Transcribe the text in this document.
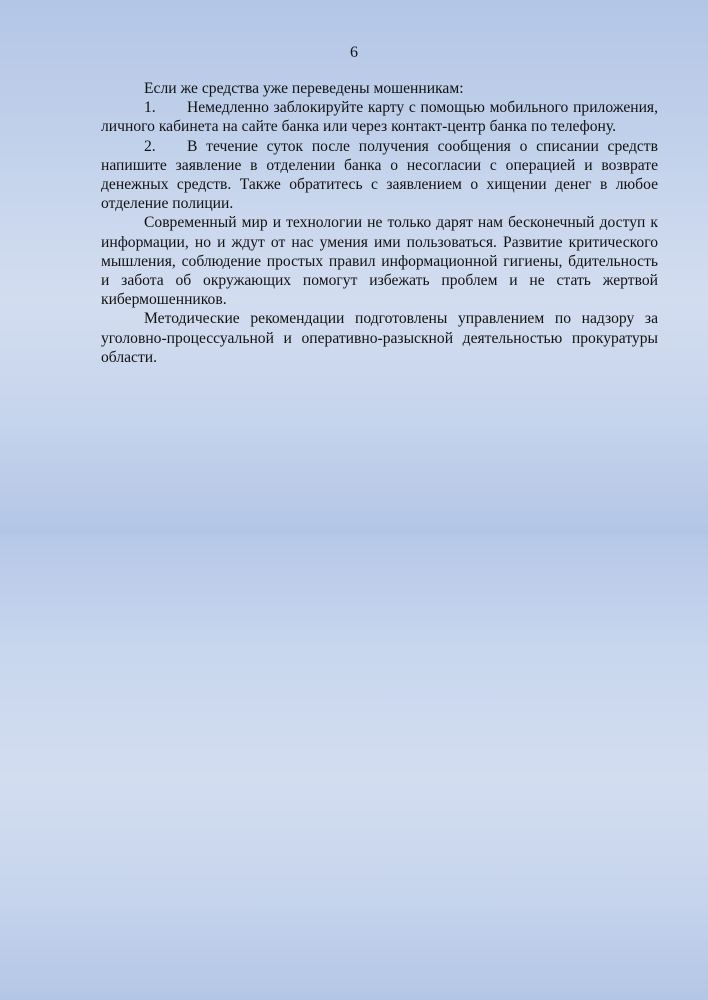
6

Если же средства уже переведены мошенникам:

1. Немедленно заблокируйте карту с помощью мобильного приложения, личного кабинета на сайте банка или через контакт-центр банка по телефону.

2. В течение суток после получения сообщения о списании средств напишите заявление в отделении банка о несогласии с операцией и возврате денежных средств. Также обратитесь с заявлением о хищении денег в любое отделение полиции.

Современный мир и технологии не только дарят нам бесконечный доступ к информации, но и ждут от нас умения ими пользоваться. Развитие критического мышления, соблюдение простых правил информационной гигиены, бдительность и забота об окружающих помогут избежать проблем и не стать жертвой кибермошенников.

Методические рекомендации подготовлены управлением по надзору за уголовно-процессуальной и оперативно-разыскной деятельностью прокуратуры области.
